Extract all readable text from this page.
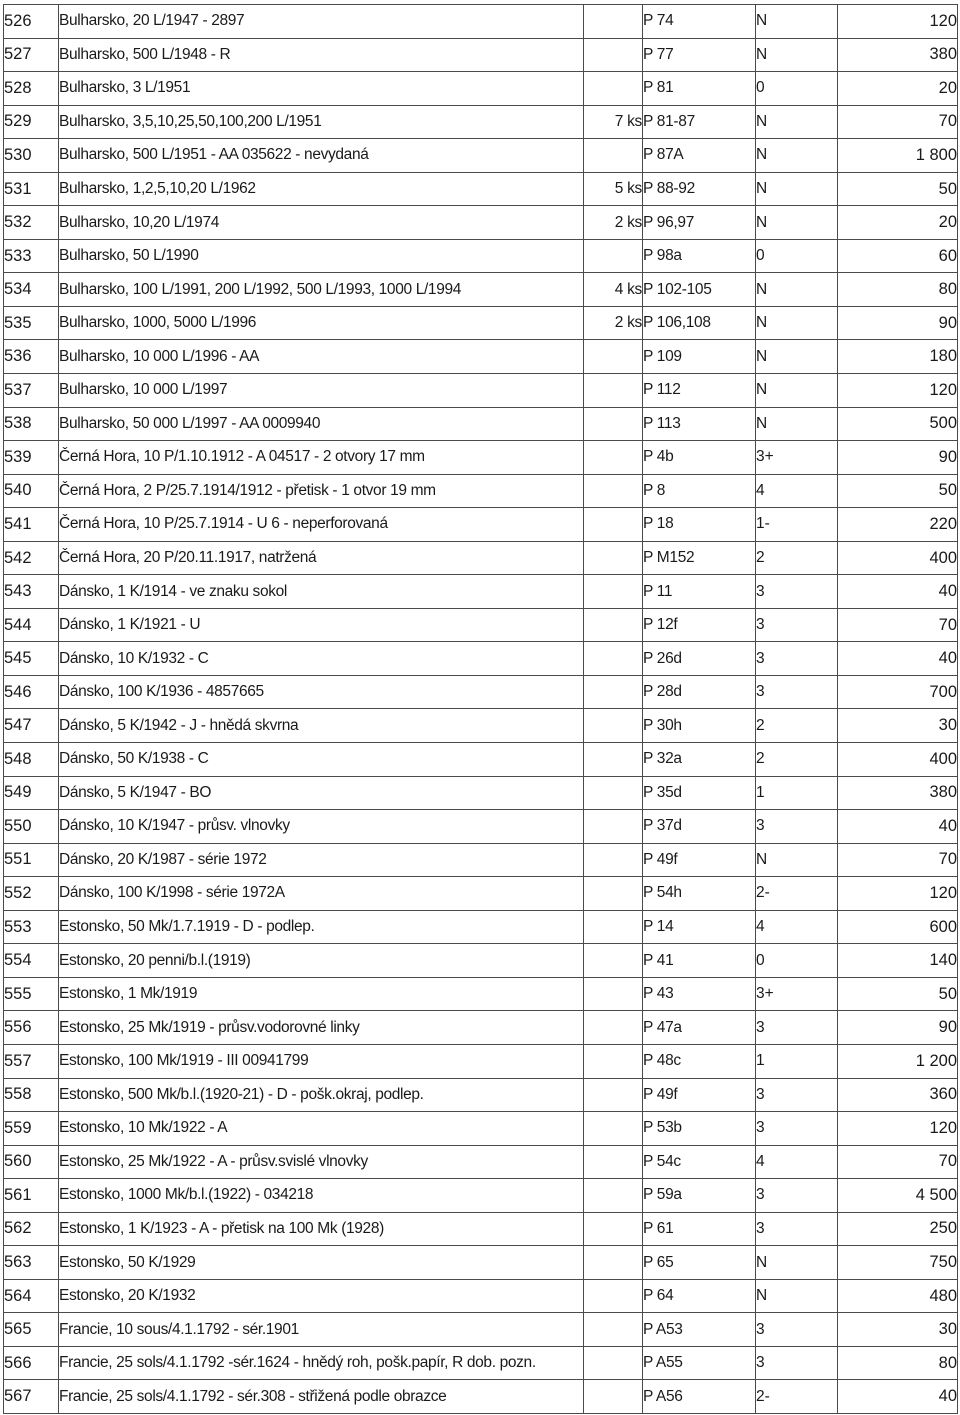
526	Bulharsko, 20 L/1947 - 2897		P 74	N	120
527	Bulharsko, 500 L/1948 - R		P 77	N	380
528	Bulharsko, 3 L/1951		P 81	0	20
529	Bulharsko, 3,5,10,25,50,100,200 L/1951	7 ks	P 81-87	N	70
530	Bulharsko, 500 L/1951 - AA 035622 - nevydaná		P 87A	N	1 800
531	Bulharsko, 1,2,5,10,20 L/1962	5 ks	P 88-92	N	50
532	Bulharsko, 10,20 L/1974	2 ks	P 96,97	N	20
533	Bulharsko, 50 L/1990		P 98a	0	60
534	Bulharsko, 100 L/1991, 200 L/1992, 500 L/1993, 1000 L/1994	4 ks	P 102-105	N	80
535	Bulharsko, 1000, 5000 L/1996	2 ks	P 106,108	N	90
536	Bulharsko, 10 000 L/1996 - AA		P 109	N	180
537	Bulharsko, 10 000 L/1997		P 112	N	120
538	Bulharsko, 50 000 L/1997 - AA 0009940		P 113	N	500
539	Černá Hora, 10 P/1.10.1912 - A 04517 - 2 otvory 17 mm		P 4b	3+	90
540	Černá Hora, 2 P/25.7.1914/1912 - přetisk - 1 otvor 19 mm		P 8	4	50
541	Černá Hora, 10 P/25.7.1914 - U 6 - neperforovaná		P 18	1-	220
542	Černá Hora, 20 P/20.11.1917, natržená		P M152	2	400
543	Dánsko, 1 K/1914 - ve znaku sokol		P 11	3	40
544	Dánsko, 1 K/1921 - U		P 12f	3	70
545	Dánsko, 10 K/1932 - C		P 26d	3	40
546	Dánsko, 100 K/1936 - 4857665		P 28d	3	700
547	Dánsko, 5 K/1942 - J - hnědá skvrna		P 30h	2	30
548	Dánsko, 50 K/1938 - C		P 32a	2	400
549	Dánsko, 5 K/1947 - BO		P 35d	1	380
550	Dánsko, 10 K/1947 - průsv. vlnovky		P 37d	3	40
551	Dánsko, 20 K/1987 - série 1972		P 49f	N	70
552	Dánsko, 100 K/1998 - série 1972A		P 54h	2-	120
553	Estonsko, 50 Mk/1.7.1919 - D - podlep.		P 14	4	600
554	Estonsko, 20 penni/b.l.(1919)		P 41	0	140
555	Estonsko, 1 Mk/1919		P 43	3+	50
556	Estonsko, 25 Mk/1919 - průsv.vodorovné linky		P 47a	3	90
557	Estonsko, 100 Mk/1919 - III 00941799		P 48c	1	1 200
558	Estonsko, 500 Mk/b.l.(1920-21) - D - pošk.okraj, podlep.		P 49f	3	360
559	Estonsko, 10 Mk/1922 - A		P 53b	3	120
560	Estonsko, 25 Mk/1922 - A - průsv.svislé vlnovky		P 54c	4	70
561	Estonsko, 1000 Mk/b.l.(1922) - 034218		P 59a	3	4 500
562	Estonsko, 1 K/1923 - A - přetisk na 100 Mk (1928)		P 61	3	250
563	Estonsko, 50 K/1929		P 65	N	750
564	Estonsko, 20 K/1932		P 64	N	480
565	Francie, 10 sous/4.1.1792 - sér.1901		P A53	3	30
566	Francie, 25 sols/4.1.1792 -sér.1624 - hnědý roh, pošk.papír, R dob. pozn.		P A55	3	80
567	Francie, 25 sols/4.1.1792 - sér.308 - střižená podle obrazce		P A56	2-	40
